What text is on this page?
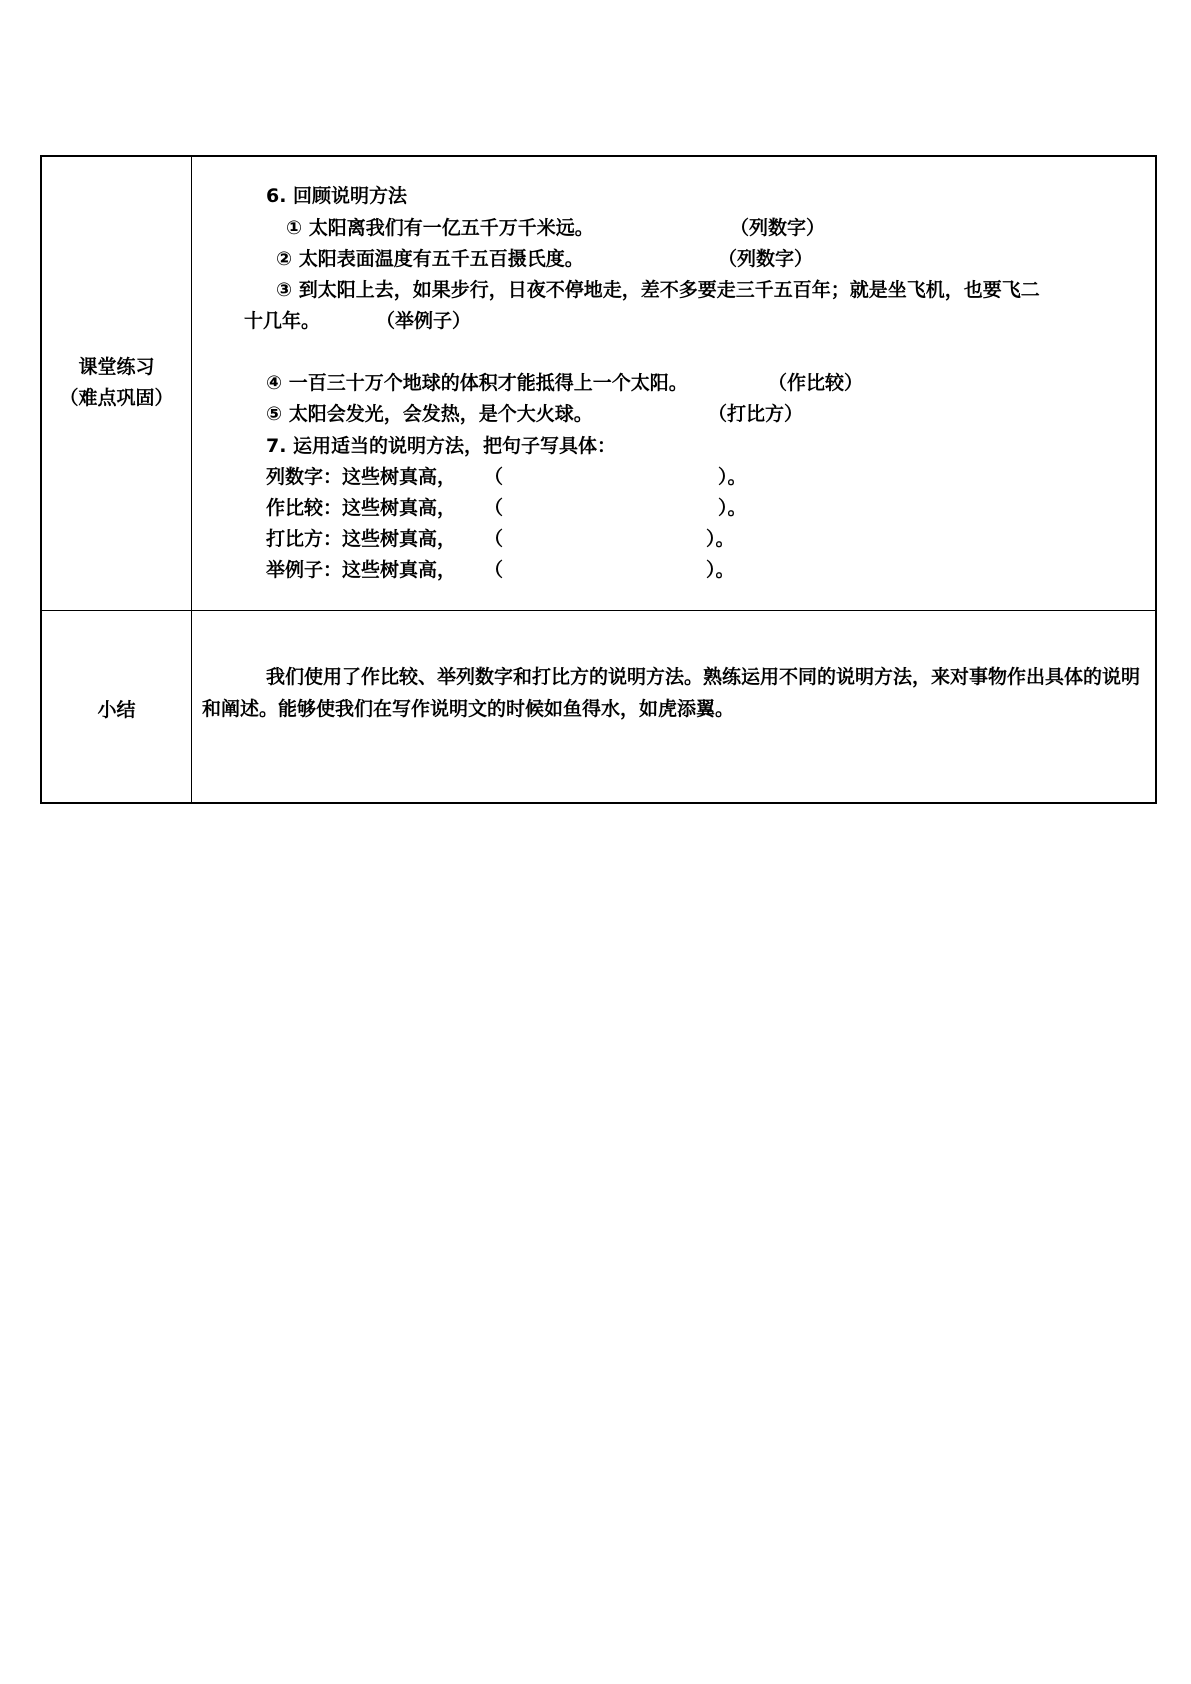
课堂练习
（难点巩固）
6. 回顾说明方法
① 太阳离我们有一亿五千万千米远。	（列数字）
② 太阳表面温度有五千五百摄氏度。	（列数字）
③ 到太阳上去，如果步行，日夜不停地走，差不多要走三千五百年；就是坐飞机，也要飞二
十几年。	（举例子）
④ 一百三十万个地球的体积才能抵得上一个太阳。	（作比较）
⑤ 太阳会发光，会发热，是个大火球。	（打比方）
7. 运用适当的说明方法，把句子写具体：
列数字：这些树真高， （	）。
作比较：这些树真高， （	）。
打比方：这些树真高， （	）。
举例子：这些树真高， （	）。
小结
我们使用了作比较、举列数字和打比方的说明方法。熟练运用不同的说明方法，来对事物作出具体的说明和阐述。能够使我们在写作说明文的时候如鱼得水，如虎添翼。
